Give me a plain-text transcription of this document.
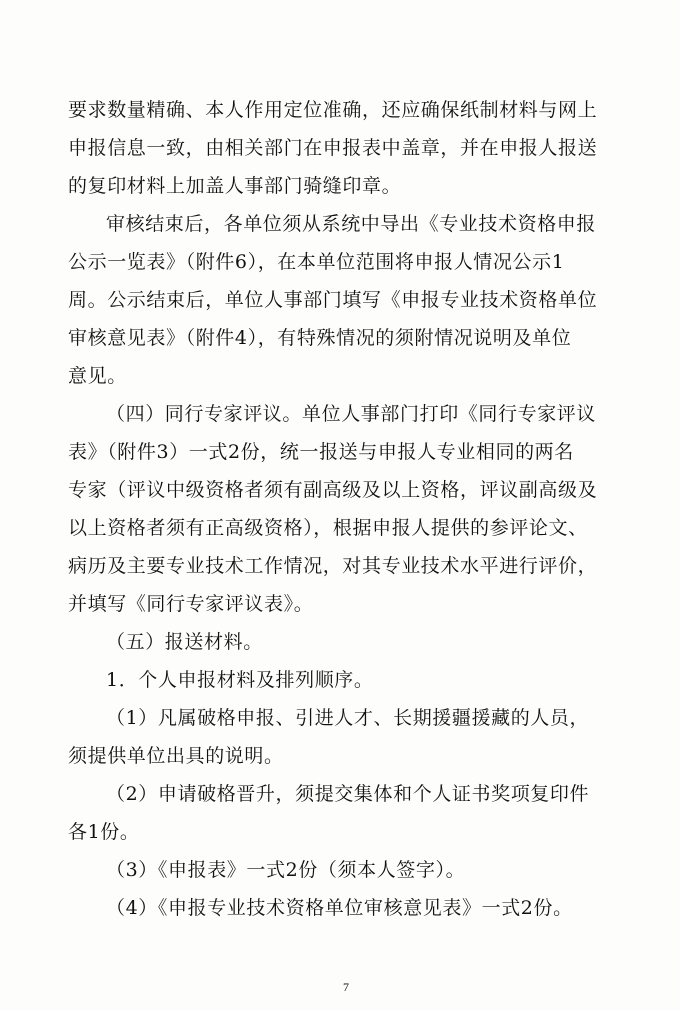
要求数量精确、本人作用定位准确，还应确保纸制材料与网上
申报信息一致，由相关部门在申报表中盖章，并在申报人报送
的复印材料上加盖人事部门骑缝印章。
审核结束后，各单位须从系统中导出《专业技术资格申报
公示一览表》（附件6），在本单位范围将申报人情况公示1
周。公示结束后，单位人事部门填写《申报专业技术资格单位
审核意见表》（附件4），有特殊情况的须附情况说明及单位
意见。
（四）同行专家评议。单位人事部门打印《同行专家评议
表》（附件3）一式2份，统一报送与申报人专业相同的两名
专家（评议中级资格者须有副高级及以上资格，评议副高级及
以上资格者须有正高级资格），根据申报人提供的参评论文、
病历及主要专业技术工作情况，对其专业技术水平进行评价，
并填写《同行专家评议表》。
（五）报送材料。
1．个人申报材料及排列顺序。
（1）凡属破格申报、引进人才、长期援疆援藏的人员，
须提供单位出具的说明。
（2）申请破格晋升，须提交集体和个人证书奖项复印件
各1份。
（3）《申报表》一式2份（须本人签字）。
（4）《申报专业技术资格单位审核意见表》一式2份。
7
